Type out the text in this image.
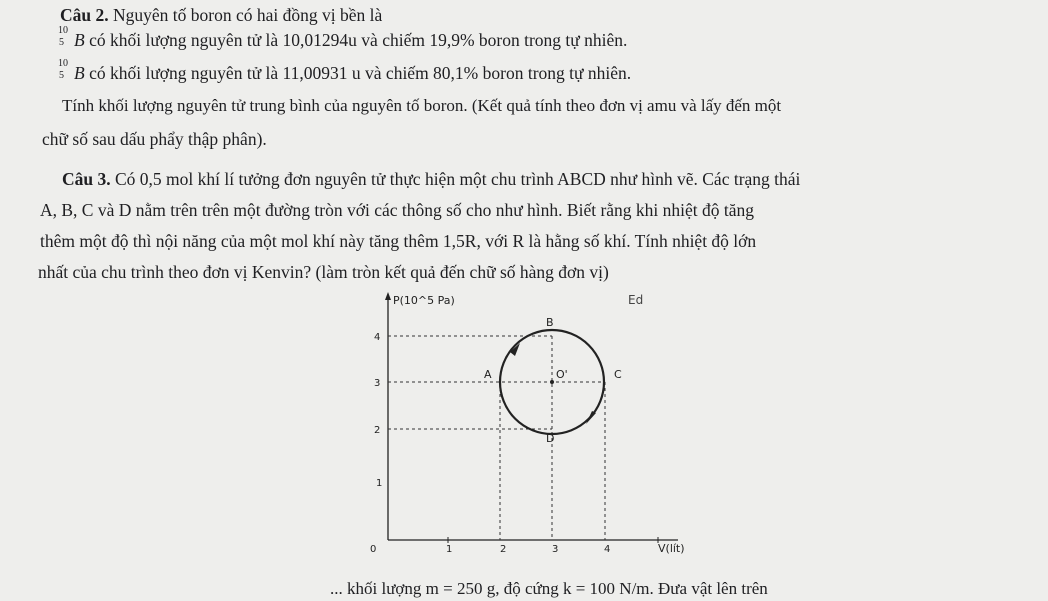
Câu 2. Nguyên tố boron có hai đồng vị bền là
10
5 B có khối lượng nguyên tử là 10,01294u và chiếm 19,9% boron trong tự nhiên.
10
5 B có khối lượng nguyên tử là 11,00931 u và chiếm 80,1% boron trong tự nhiên.
Tính khối lượng nguyên tử trung bình của nguyên tố boron. (Kết quả tính theo đơn vị amu và lấy đến một
chữ số sau dấu phẩy thập phân).
Câu 3. Có 0,5 mol khí lí tưởng đơn nguyên tử thực hiện một chu trình ABCD như hình vẽ. Các trạng thái
A, B, C và D nằm trên trên một đường tròn với các thông số cho như hình. Biết rằng khi nhiệt độ tăng
thêm một độ thì nội năng của một mol khí này tăng thêm 1,5R, với R là hằng số khí. Tính nhiệt độ lớn
nhất của chu trình theo đơn vị Kenvin? (làm tròn kết quả đến chữ số hàng đơn vị)
P(10^5 Pa)
V(lít)
0	1	2	3	4
4
3
2
1
A
B
C
D
O'
Ed
... khối lượng m = 250 g, độ cứng k = 100 N/m. Đưa vật lên trên
